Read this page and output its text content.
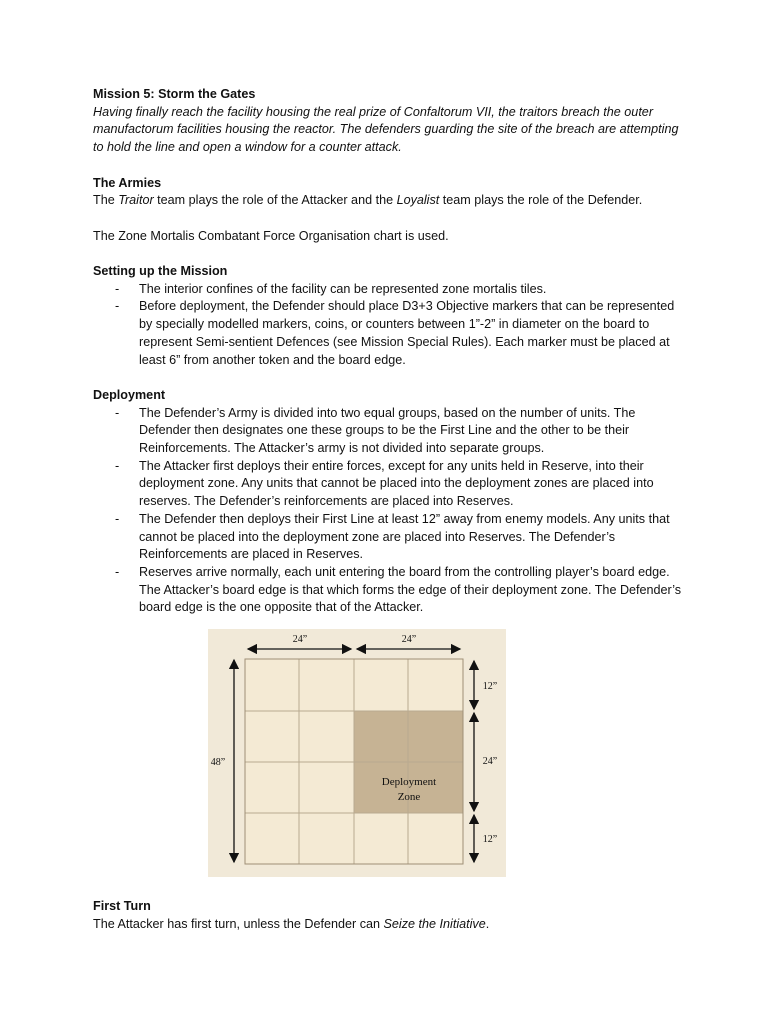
Mission 5: Storm the Gates
Having finally reach the facility housing the real prize of Confaltorum VII, the traitors breach the outer manufactorum facilities housing the reactor. The defenders guarding the site of the breach are attempting to hold the line and open a window for a counter attack.
The Armies
The Traitor team plays the role of the Attacker and the Loyalist team plays the role of the Defender.
The Zone Mortalis Combatant Force Organisation chart is used.
Setting up the Mission
- The interior confines of the facility can be represented zone mortalis tiles.
- Before deployment, the Defender should place D3+3 Objective markers that can be represented by specially modelled markers, coins, or counters between 1”-2” in diameter on the board to represent Semi-sentient Defences (see Mission Special Rules). Each marker must be placed at least 6” from another token and the board edge.
Deployment
- The Defender’s Army is divided into two equal groups, based on the number of units. The Defender then designates one these groups to be the First Line and the other to be their Reinforcements. The Attacker’s army is not divided into separate groups.
- The Attacker first deploys their entire forces, except for any units held in Reserve, into their deployment zone. Any units that cannot be placed into the deployment zones are placed into reserves. The Defender’s reinforcements are placed into Reserves.
- The Defender then deploys their First Line at least 12” away from enemy models. Any units that cannot be placed into the deployment zone are placed into Reserves. The Defender’s Reinforcements are placed in Reserves.
- Reserves arrive normally, each unit entering the board from the controlling player’s board edge. The Attacker’s board edge is that which forms the edge of their deployment zone. The Defender’s board edge is the one opposite that of the Attacker.
24”	24”
48”
12”
24”
12”
Deployment
Zone
First Turn
The Attacker has first turn, unless the Defender can Seize the Initiative.
